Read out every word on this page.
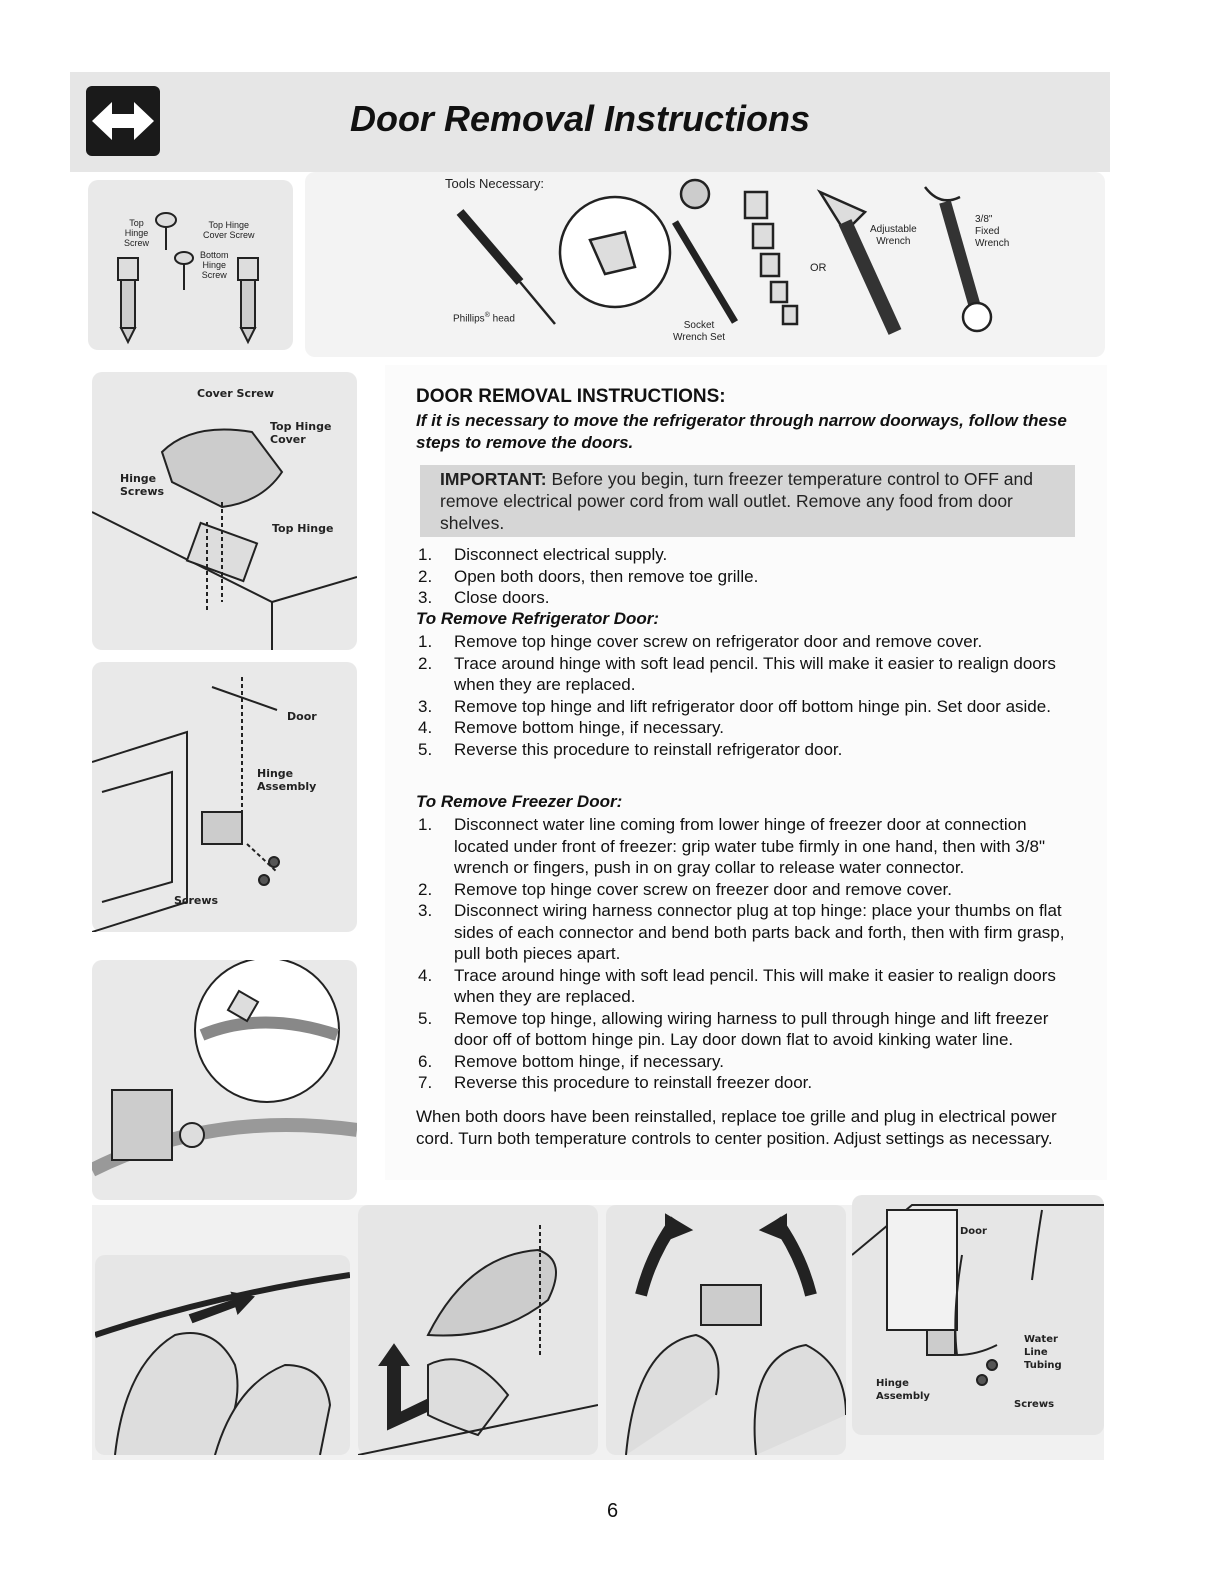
Door Removal Instructions
Top
Hinge
Screw
Top Hinge
Cover Screw
Bottom
Hinge
Screw
Tools Necessary:
Phillips® head
Socket
Wrench Set
OR
Adjustable
Wrench
3/8"
Fixed
Wrench
Cover Screw
Top Hinge
Cover
Hinge
Screws
Top Hinge
Door
Hinge
Assembly
Screws
DOOR REMOVAL INSTRUCTIONS:
If it is necessary to move the refrigerator through narrow doorways, follow these steps to remove the doors.
IMPORTANT: Before you begin, turn freezer temperature control to OFF and remove electrical power cord from wall outlet. Remove any food from door shelves.
1. Disconnect electrical supply.
2. Open both doors, then remove toe grille.
3. Close doors.
To Remove Refrigerator Door:
1. Remove top hinge cover screw on refrigerator door and remove cover.
2. Trace around hinge with soft lead pencil. This will make it easier to realign doors when they are replaced.
3. Remove top hinge and lift refrigerator door off bottom hinge pin. Set door aside.
4. Remove bottom hinge, if necessary.
5. Reverse this procedure to reinstall refrigerator door.
To Remove Freezer Door:
1. Disconnect water line coming from lower hinge of freezer door at connection located under front of freezer: grip water tube firmly in one hand, then with 3/8" wrench or fingers, push in on gray collar to release water connector.
2. Remove top hinge cover screw on freezer door and remove cover.
3. Disconnect wiring harness connector plug at top hinge: place your thumbs on flat sides of each connector and bend both parts back and forth, then with firm grasp, pull both pieces apart.
4. Trace around hinge with soft lead pencil. This will make it easier to realign doors when they are replaced.
5. Remove top hinge, allowing wiring harness to pull through hinge and lift freezer door off of bottom hinge pin. Lay door down flat to avoid kinking water line.
6. Remove bottom hinge, if necessary.
7. Reverse this procedure to reinstall freezer door.
When both doors have been reinstalled, replace toe grille and plug in electrical power cord. Turn both temperature controls to center position. Adjust settings as necessary.
Door
Water
Line
Tubing
Hinge
Assembly
Screws
6
